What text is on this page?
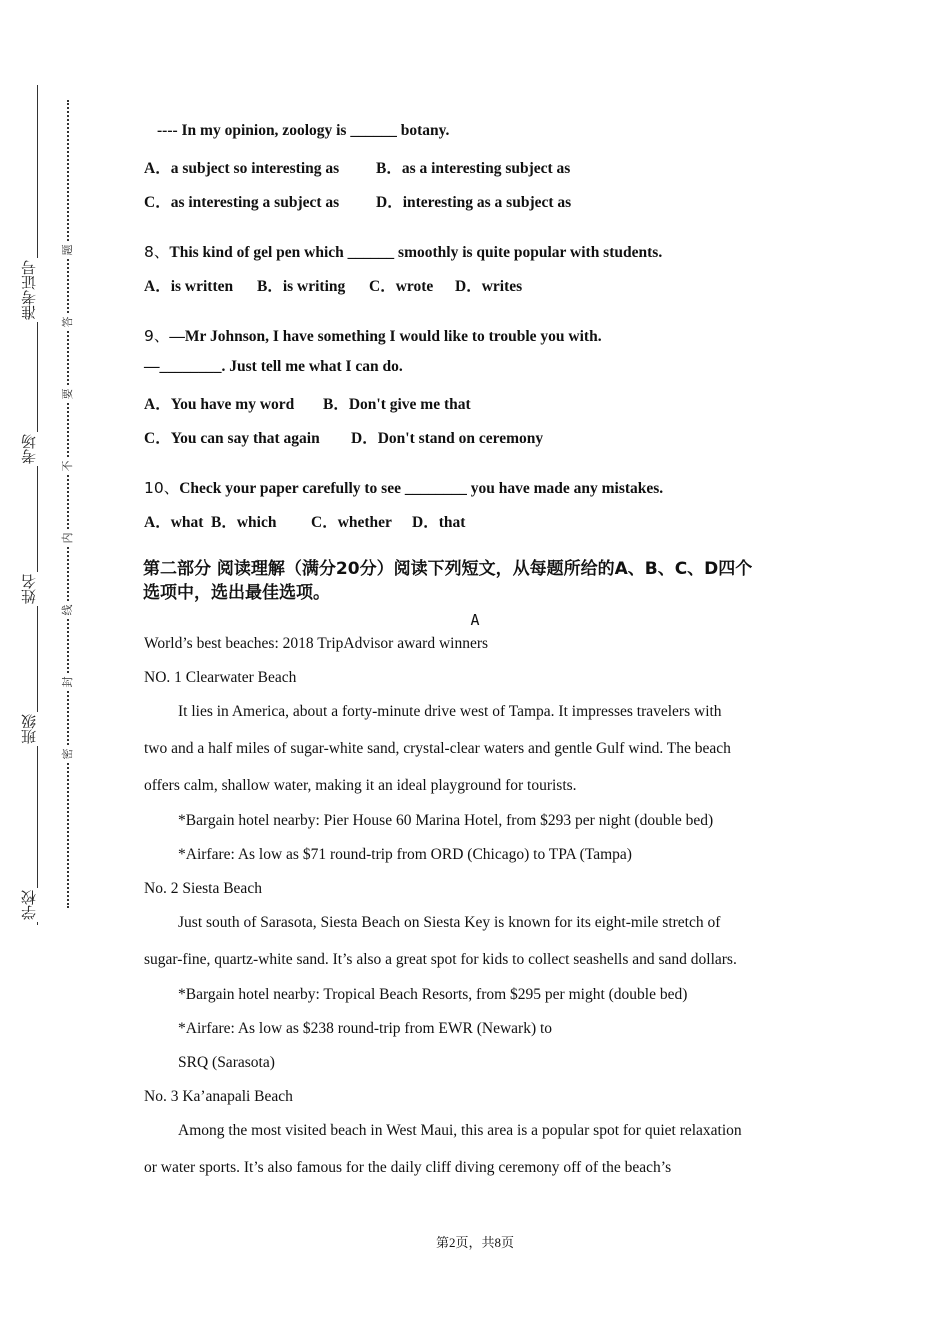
准考证号
考场
姓名
班级
学校
题
答
要
不
内
线
封
密
---- In my opinion, zoology is ______ botany.
A．a subject so interesting as B．as a interesting subject as
C．as interesting a subject as D．interesting as a subject as
8、This kind of gel pen which ______ smoothly is quite popular with students.
A．is written B．is writing C．wrote D．writes
9、—Mr Johnson, I have something I would like to trouble you with.
—________. Just tell me what I can do.
A．You have my word B．Don't give me that
C．You can say that again D．Don't stand on ceremony
10、Check your paper carefully to see ________ you have made any mistakes.
A．what B．which C．whether D．that
第二部分 阅读理解（满分20分）阅读下列短文，从每题所给的A、B、C、D四个
选项中，选出最佳选项。
A
World’s best beaches: 2018 TripAdvisor award winners
NO. 1 Clearwater Beach
It lies in America, about a forty-minute drive west of Tampa. It impresses travelers with
two and a half miles of sugar-white sand, crystal-clear waters and gentle Gulf wind. The beach
offers calm, shallow water, making it an ideal playground for tourists.
*Bargain hotel nearby: Pier House 60 Marina Hotel, from $293 per night (double bed)
*Airfare: As low as $71 round-trip from ORD (Chicago) to TPA (Tampa)
No. 2 Siesta Beach
Just south of Sarasota, Siesta Beach on Siesta Key is known for its eight-mile stretch of
sugar-fine, quartz-white sand. It’s also a great spot for kids to collect seashells and sand dollars.
*Bargain hotel nearby: Tropical Beach Resorts, from $295 per might (double bed)
*Airfare: As low as $238 round-trip from EWR (Newark) to
SRQ (Sarasota)
No. 3 Ka’anapali Beach
Among the most visited beach in West Maui, this area is a popular spot for quiet relaxation
or water sports. It’s also famous for the daily cliff diving ceremony off of the beach’s
第2页，共8页
